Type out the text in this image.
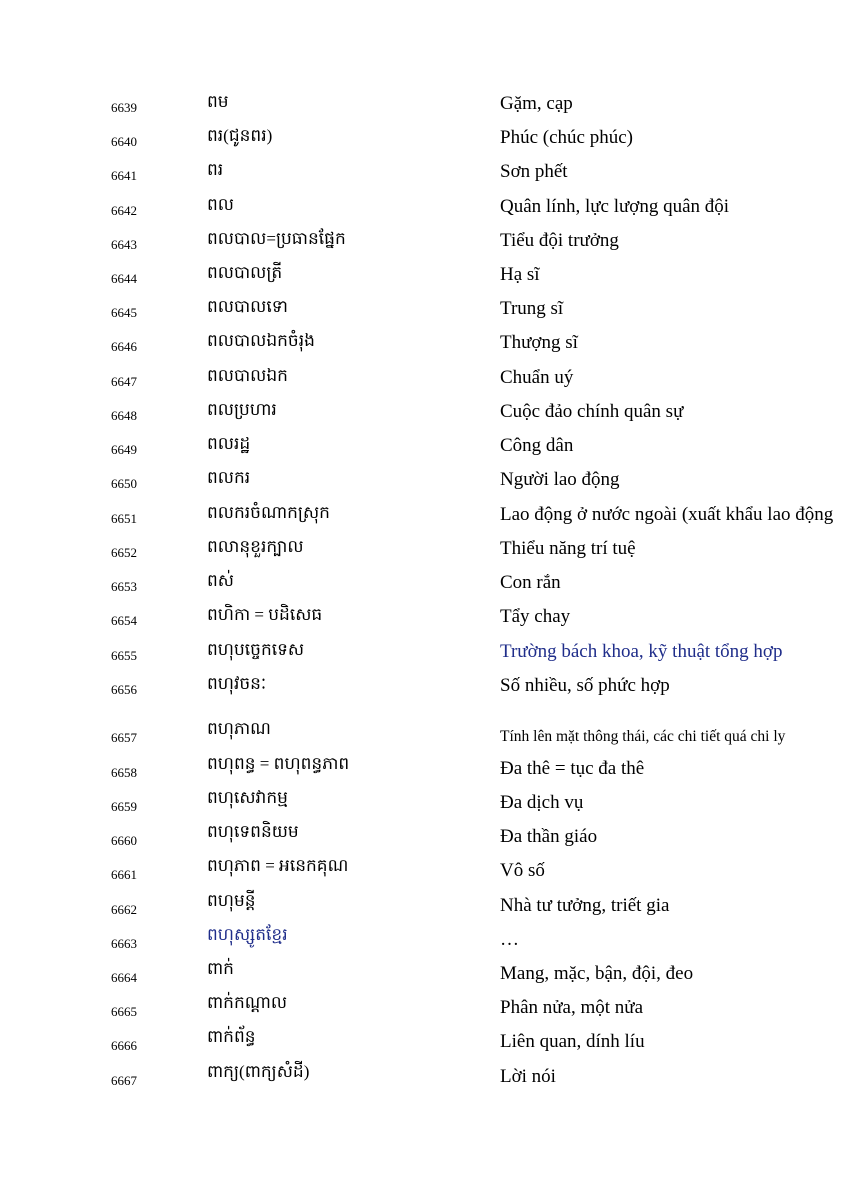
6639	ពម	Gặm, cạp
6640	ពរ(ជូនពរ)	Phúc (chúc phúc)
6641	ពរ	Sơn phết
6642	ពល	Quân lính, lực lượng quân đội
6643	ពលបាល=ប្រធានផ្នែក	Tiểu đội trưởng
6644	ពលបាលត្រី	Hạ sĩ
6645	ពលបាលទោ	Trung sĩ
6646	ពលបាលឯកចំរុង	Thượng sĩ
6647	ពលបាលឯក	Chuẩn uý
6648	ពលប្រហារ	Cuộc đảo chính quân sự
6649	ពលរដ្ឋ	Công dân
6650	ពលករ	Người lao động
6651	ពលករចំណាកស្រុក	Lao động ở nước ngoài (xuất khẩu lao động
6652	ពលានុខួរក្បាល	Thiểu năng trí tuệ
6653	ពស់	Con rắn
6654	ពហិកា = បដិសេធ	Tẩy chay
6655	ពហុបច្ចេកទេស	Trường bách khoa, kỹ thuật tổng hợp
6656	ពហុវចនៈ	Số nhiều, số phức hợp
6657	ពហុភាណ	Tính lên mặt thông thái, các chi tiết quá chi ly
6658	ពហុពន្ធ = ពហុពន្ធភាព	Đa thê = tục đa thê
6659	ពហុសេវាកម្ម	Đa dịch vụ
6660	ពហុទេពនិយម	Đa thần giáo
6661	ពហុភាព = អនេកគុណ	Vô số
6662	ពហុមន្តី	Nhà tư tưởng, triết gia
6663	ពហុស្សូតខ្មែរ	…
6664	ពាក់	Mang, mặc, bận, đội, đeo
6665	ពាក់កណ្តាល	Phân nửa, một nửa
6666	ពាក់ព័ន្ធ	Liên quan, dính líu
6667	ពាក្យ(ពាក្យសំដី)	Lời nói
